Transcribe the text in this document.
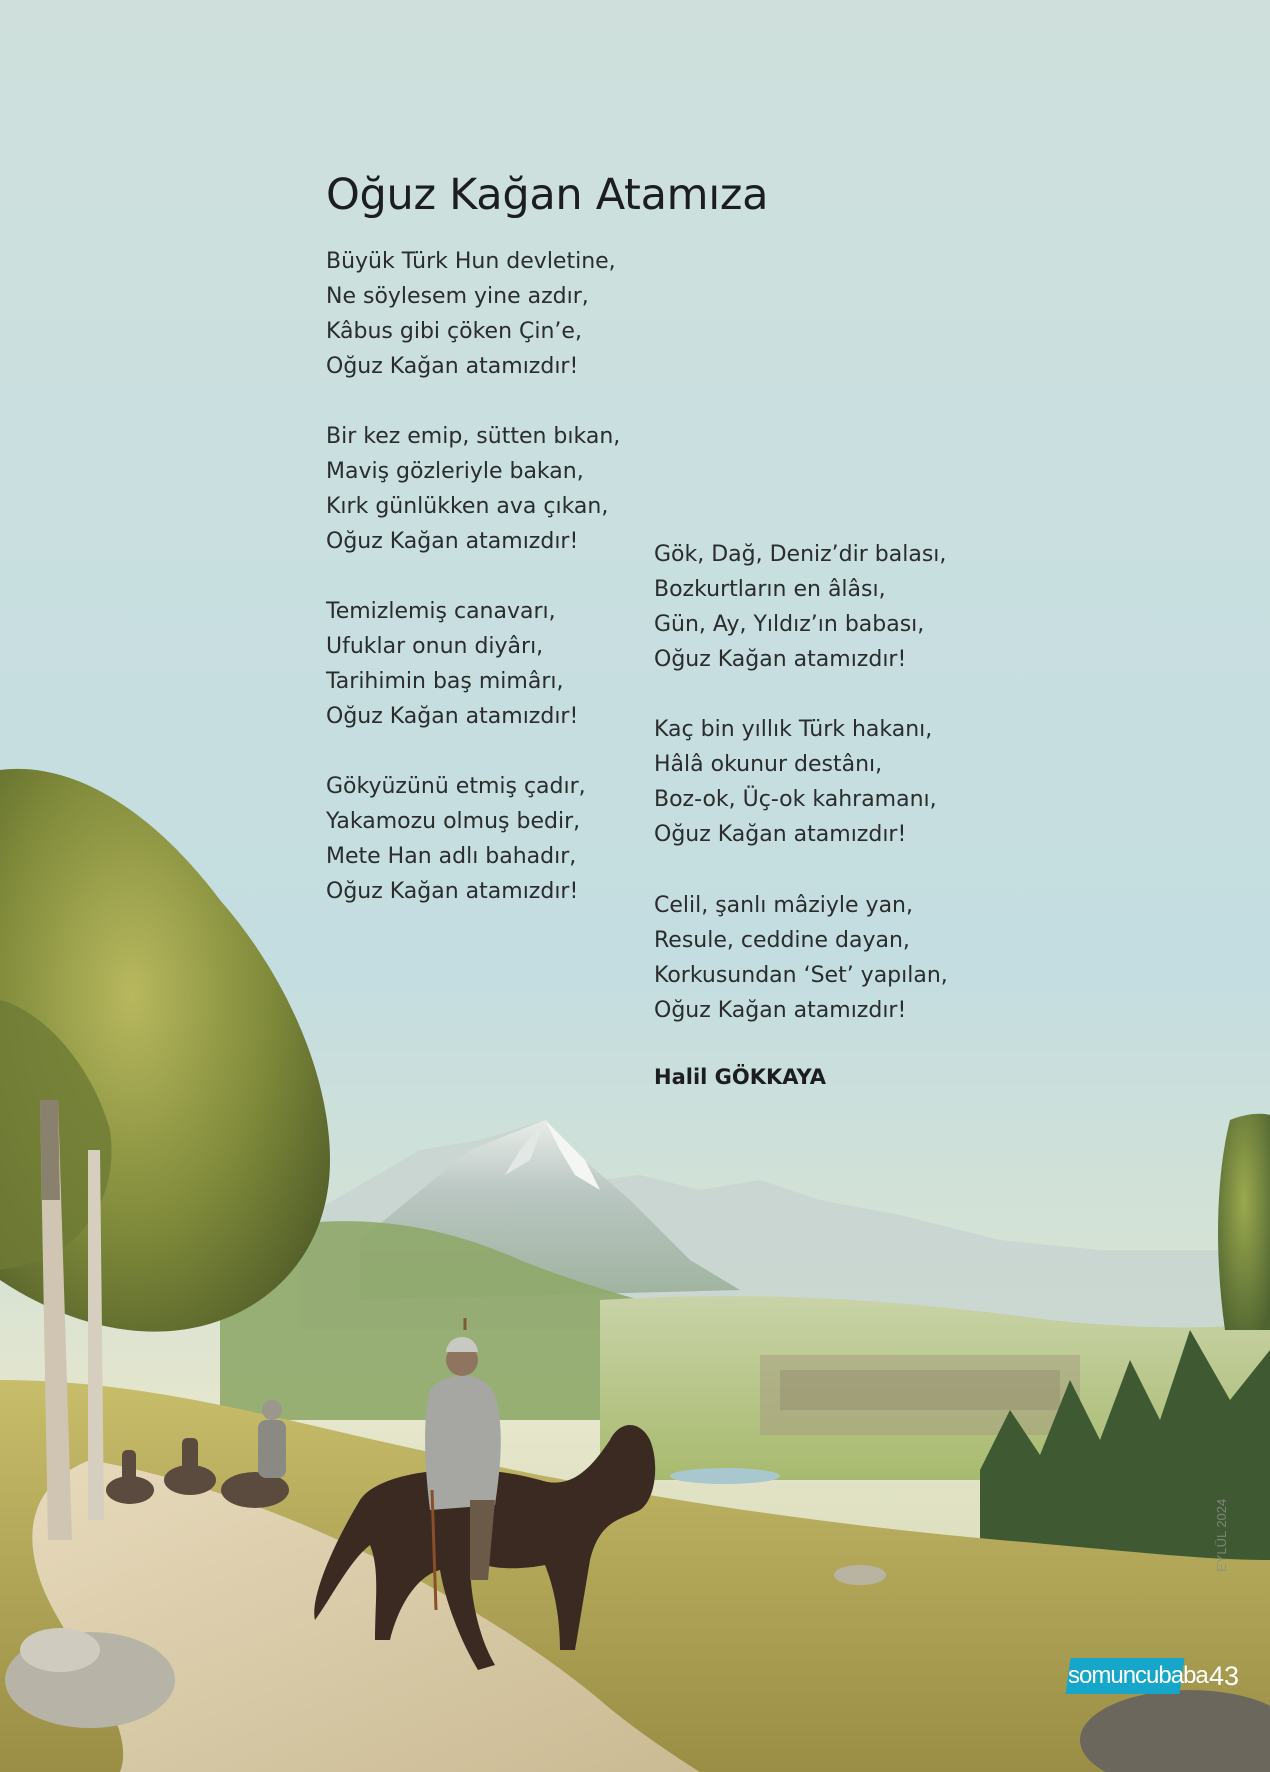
Oğuz Kağan Atamıza
Büyük Türk Hun devletine,
Ne söylesem yine azdır,
Kâbus gibi çöken Çin’e,
Oğuz Kağan atamızdır!
Bir kez emip, sütten bıkan,
Maviş gözleriyle bakan,
Kırk günlükken ava çıkan,
Oğuz Kağan atamızdır!
Temizlemiş canavarı,
Ufuklar onun diyârı,
Tarihimin baş mimârı,
Oğuz Kağan atamızdır!
Gökyüzünü etmiş çadır,
Yakamozu olmuş bedir,
Mete Han adlı bahadır,
Oğuz Kağan atamızdır!
Gök, Dağ, Deniz’dir balası,
Bozkurtların en âlâsı,
Gün, Ay, Yıldız’ın babası,
Oğuz Kağan atamızdır!
Kaç bin yıllık Türk hakanı,
Hâlâ okunur destânı,
Boz-ok, Üç-ok kahramanı,
Oğuz Kağan atamızdır!
Celil, şanlı mâziyle yan,
Resule, ceddine dayan,
Korkusundan ‘Set’ yapılan,
Oğuz Kağan atamızdır!
Halil GÖKKAYA
EYLÜL 2024
somuncubaba 43
